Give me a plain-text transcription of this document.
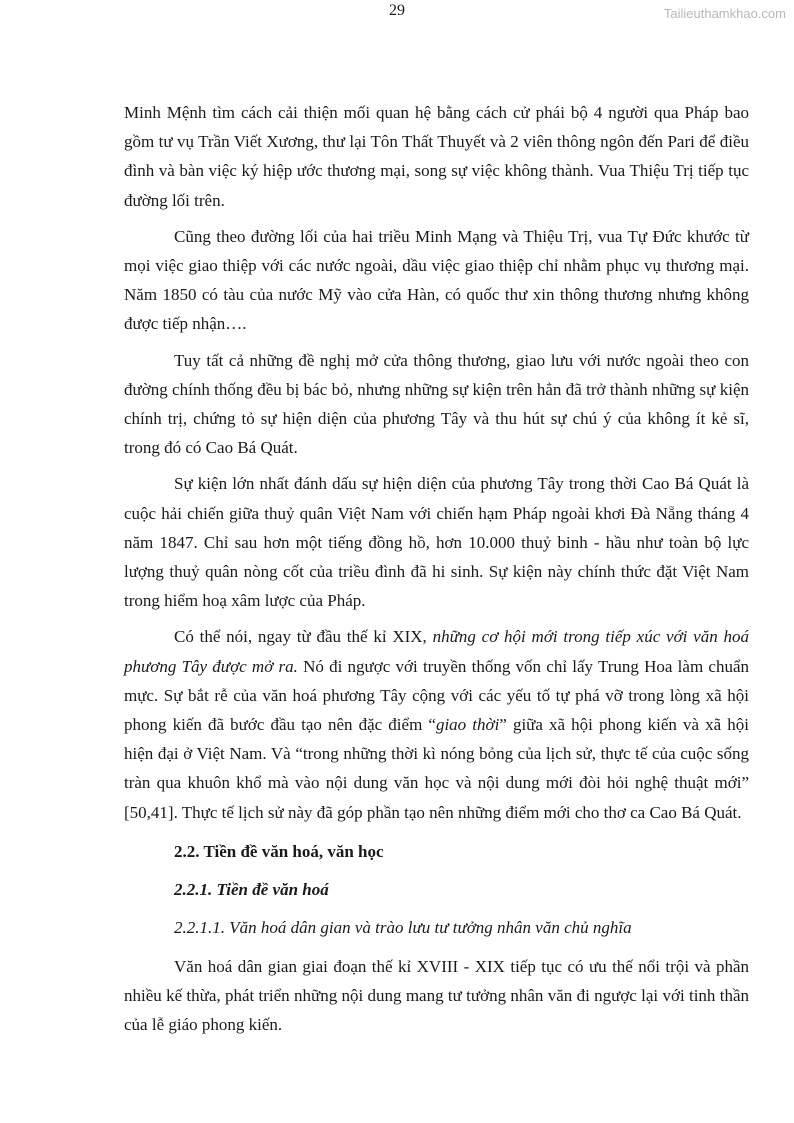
29	Tailieuthamkhao.com

Minh Mệnh tìm cách cải thiện mối quan hệ bằng cách cử phái bộ 4 người qua Pháp bao gồm tư vụ Trần Viết Xương, thư lại Tôn Thất Thuyết và 2 viên thông ngôn đến Pari để điều đình và bàn việc ký hiệp ước thương mại, song sự việc không thành. Vua Thiệu Trị tiếp tục đường lối trên.

Cũng theo đường lối của hai triều Minh Mạng và Thiệu Trị, vua Tự Đức khước từ mọi việc giao thiệp với các nước ngoài, dầu việc giao thiệp chỉ nhằm phục vụ thương mại. Năm 1850 có tàu của nước Mỹ vào cửa Hàn, có quốc thư xin thông thương nhưng không được tiếp nhận….

Tuy tất cả những đề nghị mở cửa thông thương, giao lưu với nước ngoài theo con đường chính thống đều bị bác bỏ, nhưng những sự kiện trên hẳn đã trở thành những sự kiện chính trị, chứng tỏ sự hiện diện của phương Tây và thu hút sự chú ý của không ít kẻ sĩ, trong đó có Cao Bá Quát.

Sự kiện lớn nhất đánh dấu sự hiện diện của phương Tây trong thời Cao Bá Quát là cuộc hải chiến giữa thuỷ quân Việt Nam với chiến hạm Pháp ngoài khơi Đà Nẵng tháng 4 năm 1847. Chỉ sau hơn một tiếng đồng hồ, hơn 10.000 thuỷ binh - hầu như toàn bộ lực lượng thuỷ quân nòng cốt của triều đình đã hi sinh. Sự kiện này chính thức đặt Việt Nam trong hiểm hoạ xâm lược của Pháp.

Có thể nói, ngay từ đầu thế kỉ XIX, những cơ hội mới trong tiếp xúc với văn hoá phương Tây được mở ra. Nó đi ngược với truyền thống vốn chỉ lấy Trung Hoa làm chuẩn mực. Sự bắt rễ của văn hoá phương Tây cộng với các yếu tố tự phá vỡ trong lòng xã hội phong kiến đã bước đầu tạo nên đặc điểm “giao thời” giữa xã hội phong kiến và xã hội hiện đại ở Việt Nam. Và “trong những thời kì nóng bỏng của lịch sử, thực tế của cuộc sống tràn qua khuôn khổ mà vào nội dung văn học và nội dung mới đòi hỏi nghệ thuật mới” [50,41]. Thực tế lịch sử này đã góp phần tạo nên những điểm mới cho thơ ca Cao Bá Quát.

2.2. Tiền đề văn hoá, văn học
2.2.1. Tiền đề văn hoá
2.2.1.1. Văn hoá dân gian và trào lưu tư tưởng nhân văn chủ nghĩa

Văn hoá dân gian giai đoạn thế kỉ XVIII - XIX tiếp tục có ưu thế nổi trội và phần nhiều kế thừa, phát triển những nội dung mang tư tưởng nhân văn đi ngược lại với tinh thần của lễ giáo phong kiến.
